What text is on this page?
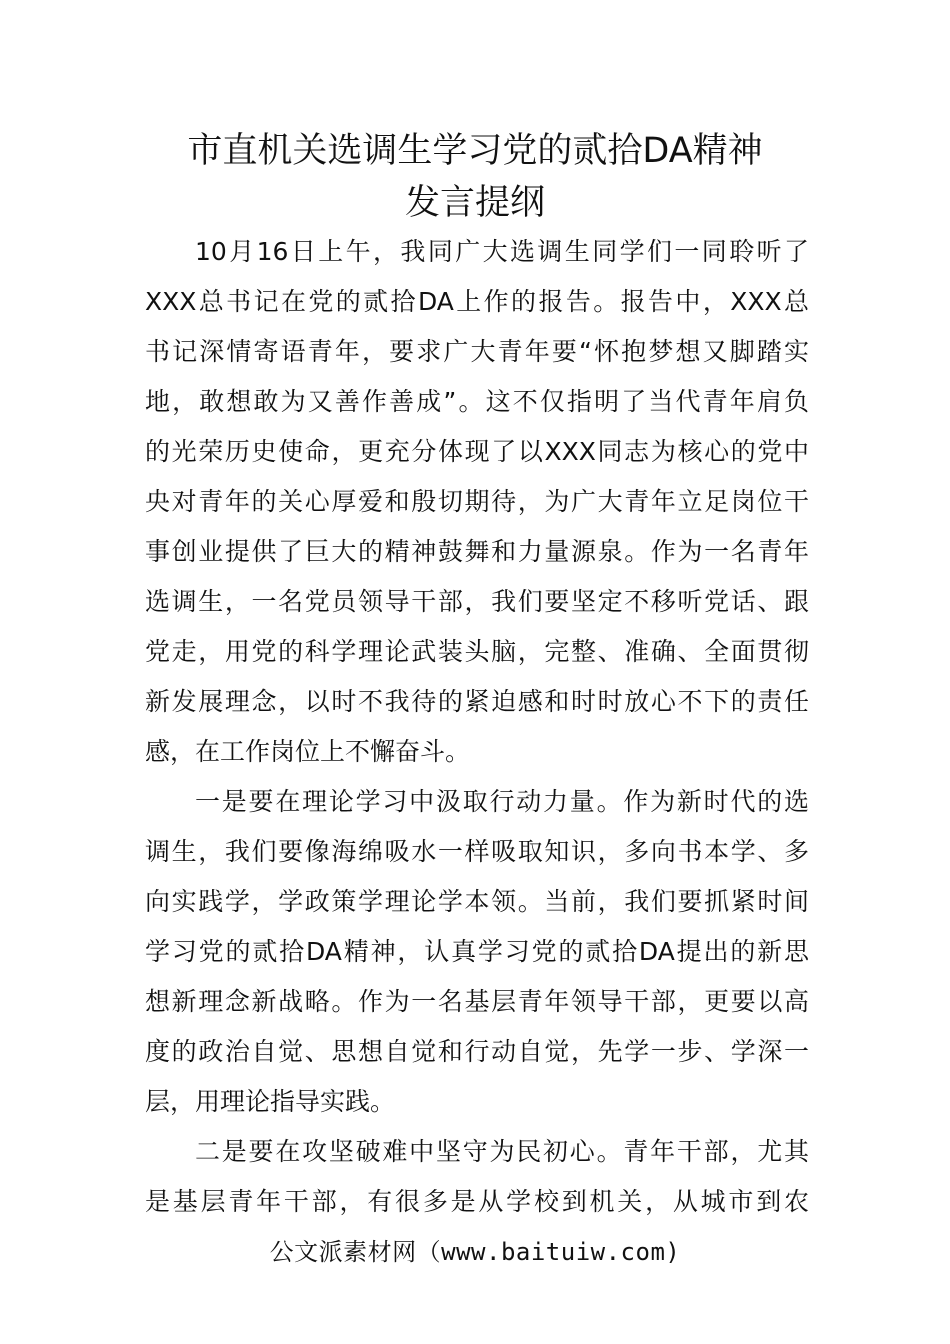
市直机关选调生学习党的贰拾DA精神
发言提纲
10月16日上午，我同广大选调生同学们一同聆听了
XXX总书记在党的贰拾DA上作的报告。报告中，XXX总
书记深情寄语青年，要求广大青年要“怀抱梦想又脚踏实
地，敢想敢为又善作善成”。这不仅指明了当代青年肩负
的光荣历史使命，更充分体现了以XXX同志为核心的党中
央对青年的关心厚爱和殷切期待，为广大青年立足岗位干
事创业提供了巨大的精神鼓舞和力量源泉。作为一名青年
选调生，一名党员领导干部，我们要坚定不移听党话、跟
党走，用党的科学理论武装头脑，完整、准确、全面贯彻
新发展理念，以时不我待的紧迫感和时时放心不下的责任
感，在工作岗位上不懈奋斗。
一是要在理论学习中汲取行动力量。作为新时代的选
调生，我们要像海绵吸水一样吸取知识，多向书本学、多
向实践学，学政策学理论学本领。当前，我们要抓紧时间
学习党的贰拾DA精神，认真学习党的贰拾DA提出的新思
想新理念新战略。作为一名基层青年领导干部，更要以高
度的政治自觉、思想自觉和行动自觉，先学一步、学深一
层，用理论指导实践。
二是要在攻坚破难中坚守为民初心。青年干部，尤其
是基层青年干部，有很多是从学校到机关，从城市到农
公文派素材网（www.baituiw.com)
